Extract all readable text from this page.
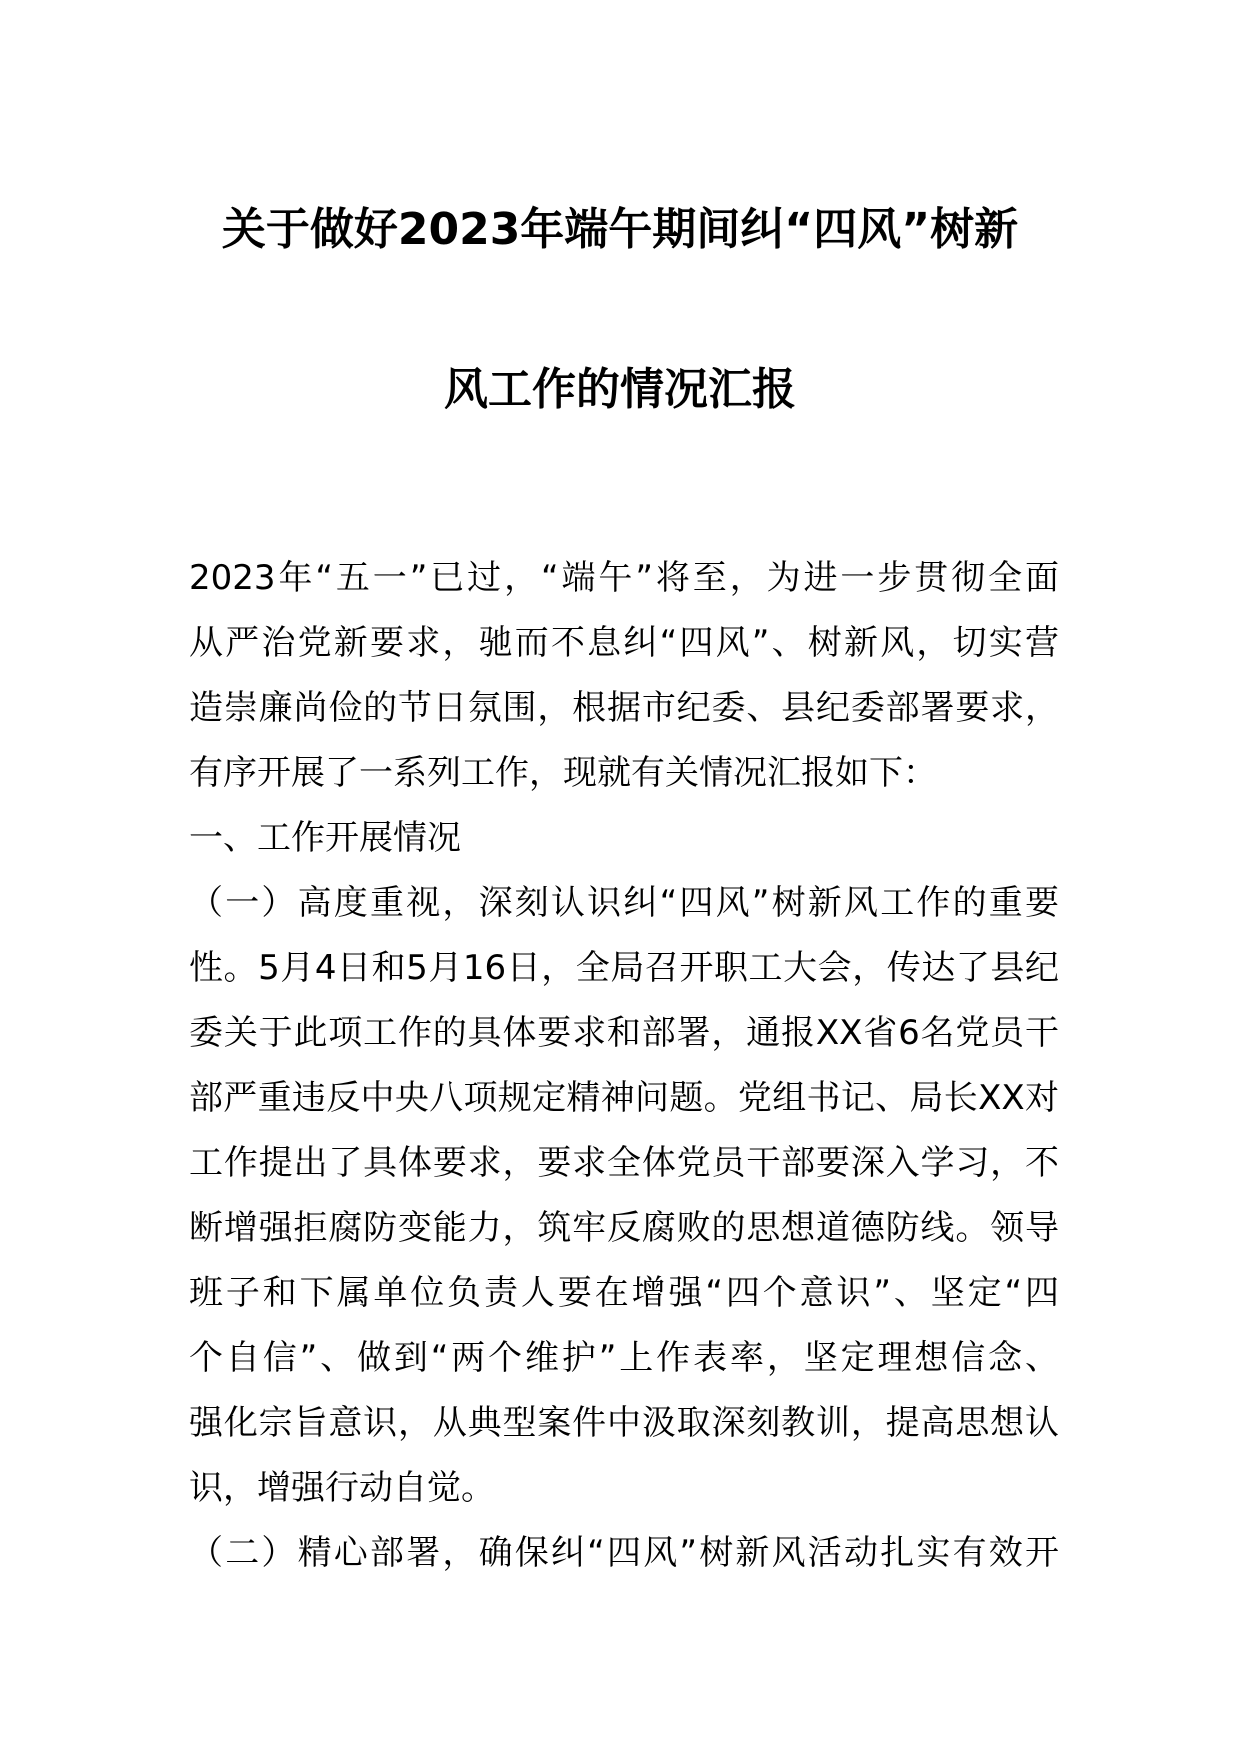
关于做好2023年端午期间纠“四风”树新
风工作的情况汇报
2023年“五一”已过，“端午”将至，为进一步贯彻全面
从严治党新要求，驰而不息纠“四风”、树新风，切实营
造崇廉尚俭的节日氛围，根据市纪委、县纪委部署要求，
有序开展了一系列工作，现就有关情况汇报如下：
一、工作开展情况
（一）高度重视，深刻认识纠“四风”树新风工作的重要
性。5月4日和5月16日，全局召开职工大会，传达了县纪
委关于此项工作的具体要求和部署，通报XX省6名党员干
部严重违反中央八项规定精神问题。党组书记、局长XX对
工作提出了具体要求，要求全体党员干部要深入学习，不
断增强拒腐防变能力，筑牢反腐败的思想道德防线。领导
班子和下属单位负责人要在增强“四个意识”、坚定“四
个自信”、做到“两个维护”上作表率，坚定理想信念、
强化宗旨意识，从典型案件中汲取深刻教训，提高思想认
识，增强行动自觉。
（二）精心部署，确保纠“四风”树新风活动扎实有效开
